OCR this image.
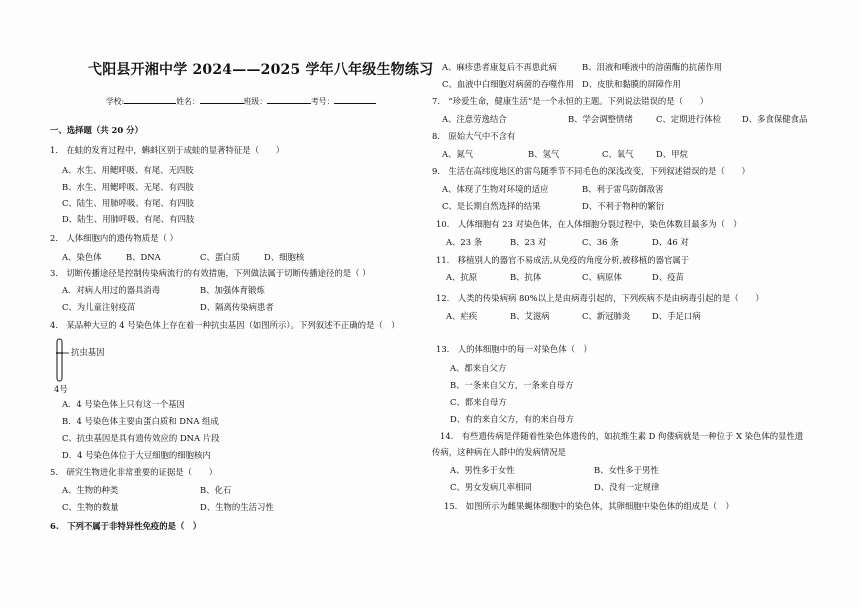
弋阳县开湘中学 2024——2025 学年八年级生物练习
学校:	姓名：	班级：	考号：
一、选择题（共 20 分）
1.　在蛙的发育过程中，蝌蚪区别于成蛙的显著特征是（　　）
A、水生、用鳃呼吸、有尾、无四肢
B、水生、用鳃呼吸、无尾、有四肢
C、陆生、用肺呼吸、有尾、有四肢
D、陆生、用肺呼吸、有尾、有四肢
2.　人体细胞内的遗传物质是（ ）
A、染色体	B、DNA	C、蛋白质	D、细胞核
3.　切断传播途径是控制传染病流行的有效措施，下列做法属于切断传播途径的是（ ）
A．对病人用过的器具消毒	B、加强体育锻炼
C、为儿童注射疫苗	D、隔离传染病患者
4.　某品种大豆的 4 号染色体上存在着一种抗虫基因（如图所示）。下列叙述不正确的是（　）
抗虫基因
4号
A．4 号染色体上只有这一个基因
B．4 号染色体主要由蛋白质和 DNA 组成
C、抗虫基因是具有遗传效应的 DNA 片段
D．4 号染色体位于大豆细胞的细胞核内
5.　研究生物进化非常重要的证据是（　　）
A、生物的种类	B、化石
C、生物的数量	D、生物的生活习性
6.　下列不属于非特异性免疫的是（　）
A、麻疹患者康复后不再患此病	B、泪液和唾液中的溶菌酶的抗菌作用
C、血液中白细胞对病菌的吞噬作用 D、皮肤和黏膜的屏障作用
7.　“珍爱生命，健康生活”是一个永恒的主题。下列说法错误的是（　　）
A、注意劳逸结合	B、学会调整情绪	C、定期进行体检 D、多食保健食品
8.　原始大气中不含有
A、氮气	B、氢气	C、氧气	D、甲烷
9.　生活在高纬度地区的雷鸟随季节不同毛色的深浅改变，下列叙述错误的是（　　）
A、体现了生物对环境的适应	B、利于雷鸟防御敌害
C、是长期自然选择的结果	D、不利于物种的繁衍
10.　人体细胞有 23 对染色体，在人体细胞分裂过程中，染色体数目最多为（　）
A、23 条	B、23 对	C、36 条	D、46 对
11.　移植别人的器官不易成活,从免疫的角度分析,被移植的器官属于
A、抗原	B、抗体	C、病原体	D、疫苗
12.　人类的传染病病 80%以上是由病毒引起的，下列疾病不是由病毒引起的是（　　）
A、疟疾	B、艾滋病	C、新冠肺炎	D、手足口病
13.　人的体细胞中的每一对染色体（　）
A、都来自父方
B、一条来自父方，一条来自母方
C、都来自母方
D、有的来自父方，有的来自母方
14.　有些遗传病是伴随着性染色体遗传的，如抗维生素 D 佝偻病就是一种位于 X 染色体的显性遗
传病，这种病在人群中的发病情况是
A、男性多于女性	B、女性多于男性
C、男女发病几率相同	D、没有一定规律
15.　如图所示为雌果蝇体细胞中的染色体，其卵细胞中染色体的组成是（　）
